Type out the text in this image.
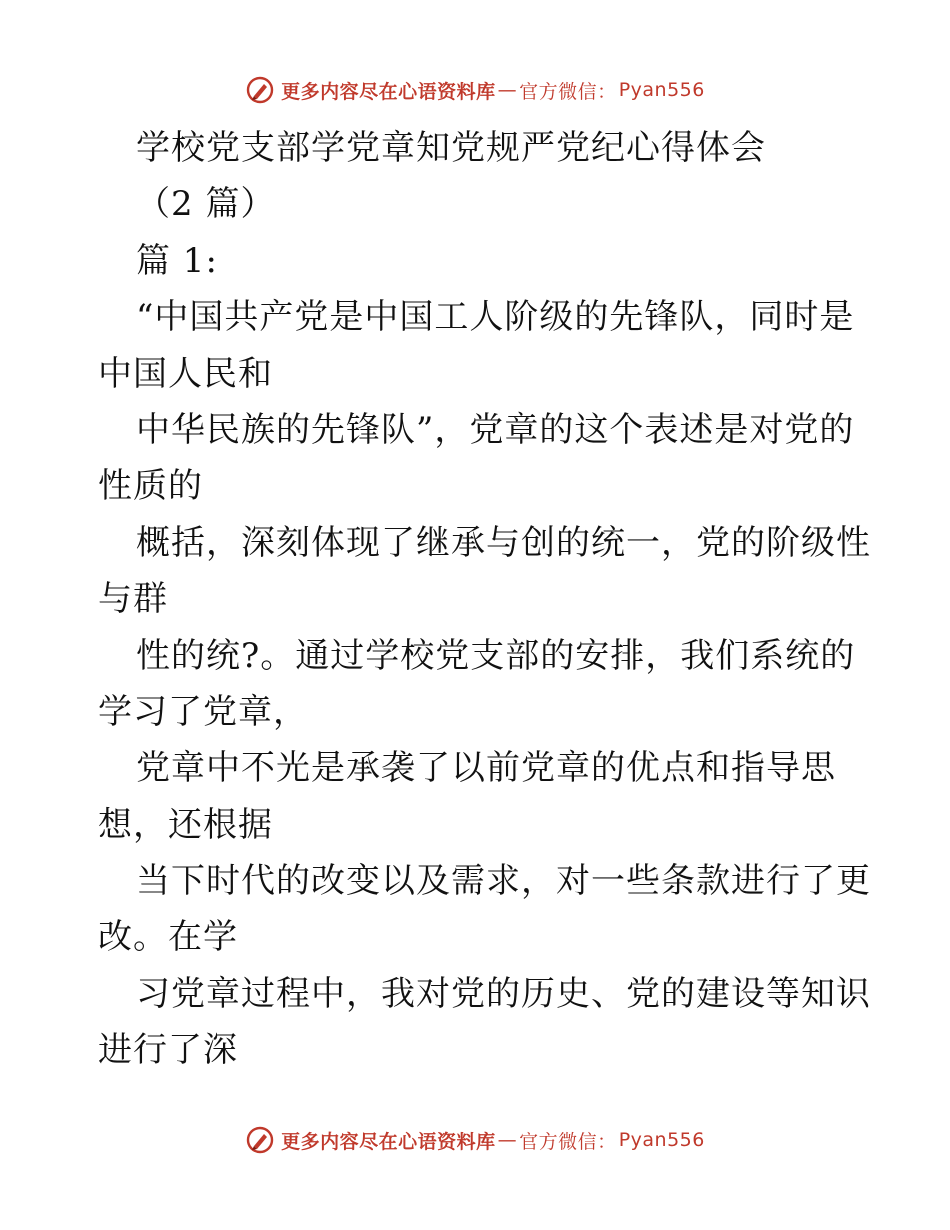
更多内容尽在心语资料库 — 官方微信： Pyan556
学校党支部学党章知党规严党纪心得体会
（2 篇）
篇 1:
“中国共产党是中国工人阶级的先锋队，同时是
中国人民和
中华民族的先锋队”，党章的这个表述是对党的
性质的
概括，深刻体现了继承与创的统一，党的阶级性
与群
性的统?。通过学校党支部的安排，我们系统的
学习了党章，
党章中不光是承袭了以前党章的优点和指导思
想，还根据
当下时代的改变以及需求，对一些条款进行了更
改。在学
习党章过程中，我对党的历史、党的建设等知识
进行了深
更多内容尽在心语资料库 — 官方微信： Pyan556
